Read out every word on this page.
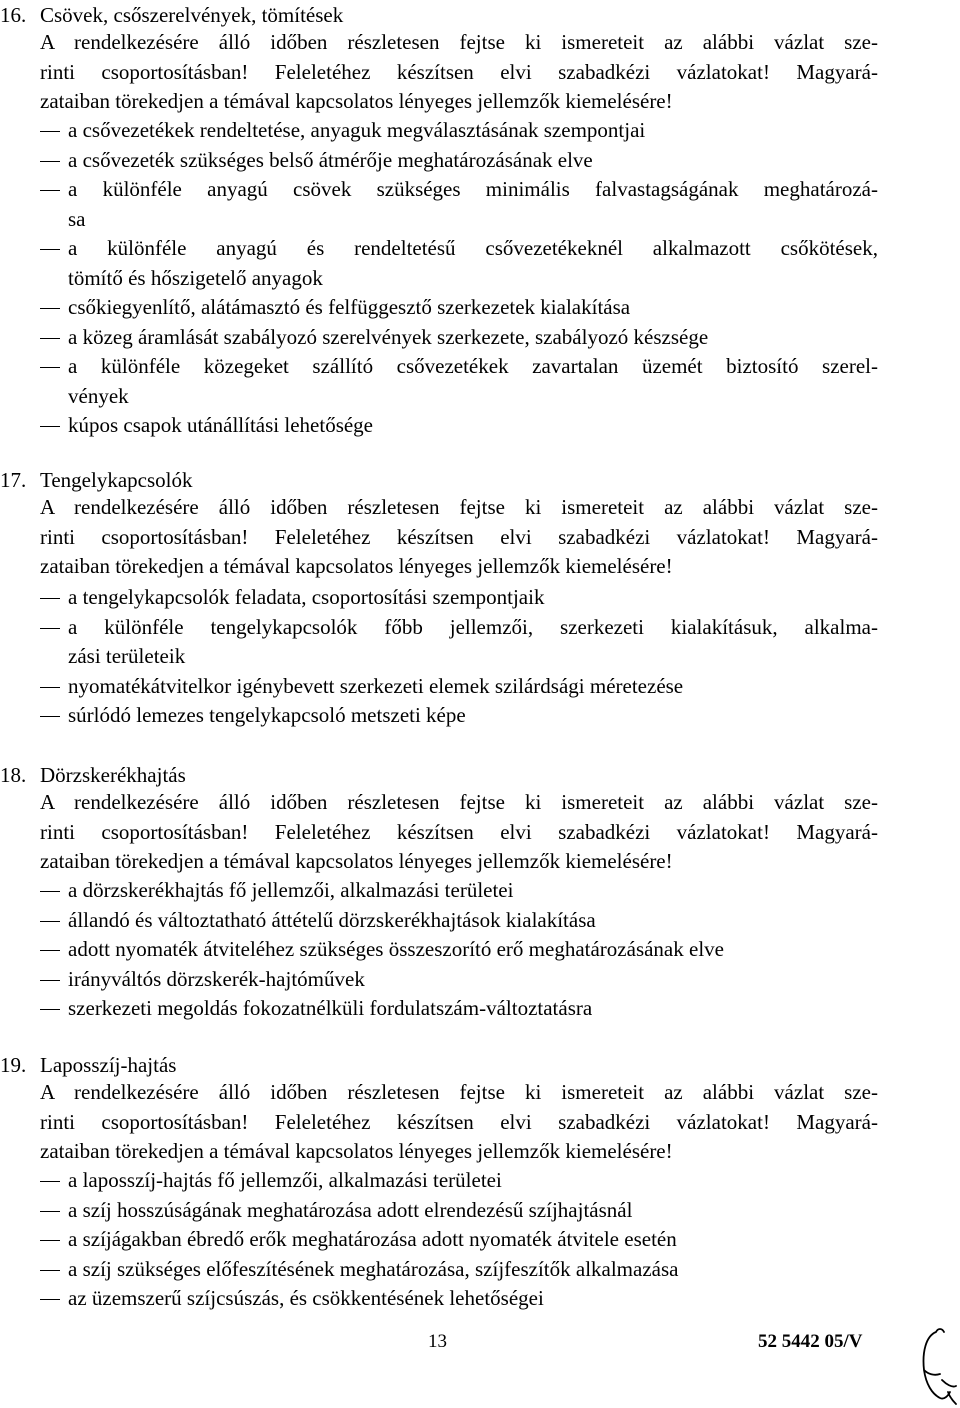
16. Csövek, csőszerelvények, tömítések
A rendelkezésére álló időben részletesen fejtse ki ismereteit az alábbi vázlat sze-
rinti csoportosításban! Feleletéhez készítsen elvi szabadkézi vázlatokat! Magyará-
zataiban törekedjen a témával kapcsolatos lényeges jellemzők kiemelésére!
a csővezetékek rendeltetése, anyaguk megválasztásának szempontjai
a csővezeték szükséges belső átmérője meghatározásának elve
a különféle anyagú csövek szükséges minimális falvastagságának meghatározá-
sa
a különféle anyagú és rendeltetésű csővezetékeknél alkalmazott csőkötések,
tömítő és hőszigetelő anyagok
csőkiegyenlítő, alátámasztó és felfüggesztő szerkezetek kialakítása
a közeg áramlását szabályozó szerelvények szerkezete, szabályozó készsége
a különféle közegeket szállító csővezetékek zavartalan üzemét biztosító szerel-
vények
kúpos csapok utánállítási lehetősége
17. Tengelykapcsolók
A rendelkezésére álló időben részletesen fejtse ki ismereteit az alábbi vázlat sze-
rinti csoportosításban! Feleletéhez készítsen elvi szabadkézi vázlatokat! Magyará-
zataiban törekedjen a témával kapcsolatos lényeges jellemzők kiemelésére!
a tengelykapcsolók feladata, csoportosítási szempontjaik
a különféle tengelykapcsolók főbb jellemzői, szerkezeti kialakításuk, alkalma-
zási területeik
nyomatékátvitelkor igénybevett szerkezeti elemek szilárdsági méretezése
súrlódó lemezes tengelykapcsoló metszeti képe
18. Dörzskerékhajtás
A rendelkezésére álló időben részletesen fejtse ki ismereteit az alábbi vázlat sze-
rinti csoportosításban! Feleletéhez készítsen elvi szabadkézi vázlatokat! Magyará-
zataiban törekedjen a témával kapcsolatos lényeges jellemzők kiemelésére!
a dörzskerékhajtás fő jellemzői, alkalmazási területei
állandó és változtatható áttételű dörzskerékhajtások kialakítása
adott nyomaték átviteléhez szükséges összeszorító erő meghatározásának elve
irányváltós dörzskerék-hajtóművek
szerkezeti megoldás fokozatnélküli fordulatszám-változtatásra
19. Laposszíj-hajtás
A rendelkezésére álló időben részletesen fejtse ki ismereteit az alábbi vázlat sze-
rinti csoportosításban! Feleletéhez készítsen elvi szabadkézi vázlatokat! Magyará-
zataiban törekedjen a témával kapcsolatos lényeges jellemzők kiemelésére!
a laposszíj-hajtás fő jellemzői, alkalmazási területei
a szíj hosszúságának meghatározása adott elrendezésű szíjhajtásnál
a szíjágakban ébredő erők meghatározása adott nyomaték átvitele esetén
a szíj szükséges előfeszítésének meghatározása, szíjfeszítők alkalmazása
az üzemszerű szíjcsúszás, és csökkentésének lehetőségei
13	52 5442 05/V
